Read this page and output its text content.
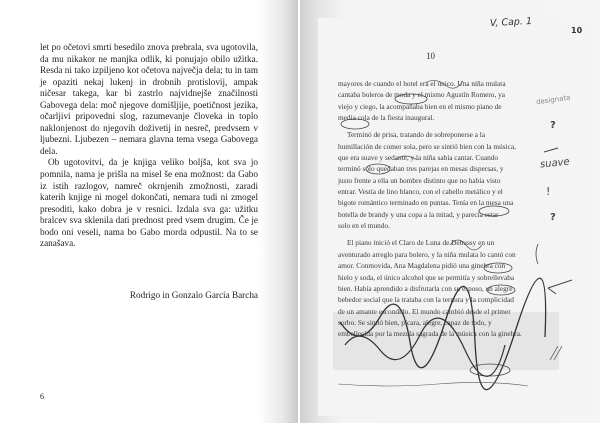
let po očetovi smrti besedilo znova prebrala, sva ugotovila, da mu nikakor ne manjka odlik, ki ponujajo obilo užitka. Resda ni tako izpiljeno kot očetova največja dela; tu in tam je opaziti nekaj lukenj in drobnih protislovij, ampak ničesar takega, kar bi zastrlo najvidnejše značilnosti Gabovega dela: moč njegove domišljije, poetičnost jezika, očarljivi pripovedni slog, razumevanje človeka in toplo naklonjenost do njegovih doživetij in nesreč, predvsem v ljubezni. Ljubezen – nemara glavna tema vsega Gabovega dela.

Ob ugotovitvi, da je knjiga veliko boljša, kot sva jo pomnila, nama je prišla na misel še ena možnost: da Gabo iz istih razlogov, namreč okrnjenih zmožnosti, zaradi katerih knjige ni mogel dokončati, nemara tudi ni zmogel presoditi, kako dobra je v resnici. Izdala sva ga: užitku bralcev sva sklenila dati prednost pred vsem drugim. Če je bodo oni veseli, nama bo Gabo morda odpustil. Na to se zanašava.

Rodrigo in Gonzalo García Barcha
6
V, Cap. 1
10
10
mayores de cuando el hotel era el único. Una niña mulata
cantaba boleros de moda y el mismo Agustín Romero, ya
viejo y ciego, la acompañaba bien en el mismo piano de
media cola de la fiesta inaugural.
Terminó de prisa, tratando de sobreponerse a la
humillación de comer sola, pero se sintió bien con la música,
que era suave y sedante, y la niña sabía cantar. Cuando
terminó sólo quedaban tres parejas en mesas dispersas, y
justo frente a ella un hombre distinto que no había visto
entrar. Vestía de lino blanco, con el cabello metálico y el
bigote romántico terminado en puntas. Tenía en la mesa una
botella de brandy y una copa a la mitad, y parecía estar
solo en el mundo.
El piano inició el Claro de Luna de Debussy en un
aventurado arreglo para bolero, y la niña mulata lo cantó con
amor. Conmovida, Ana Magdalena pidió una ginebra con
hielo y soda, el único alcohol que se permitía y sobrellevaba
bien. Había aprendido a disfrutarla con su esposo, un alegre
bebedor social que la trataba con la ternura y la complicidad
de un amante escondido. El mundo cambió desde el primer
sorbo. Se sintió bien, pícara, alegre, capaz de todo, y
embellecida por la mezcla sagrada de la música con la ginebra.
designata
?
suave
!
?
